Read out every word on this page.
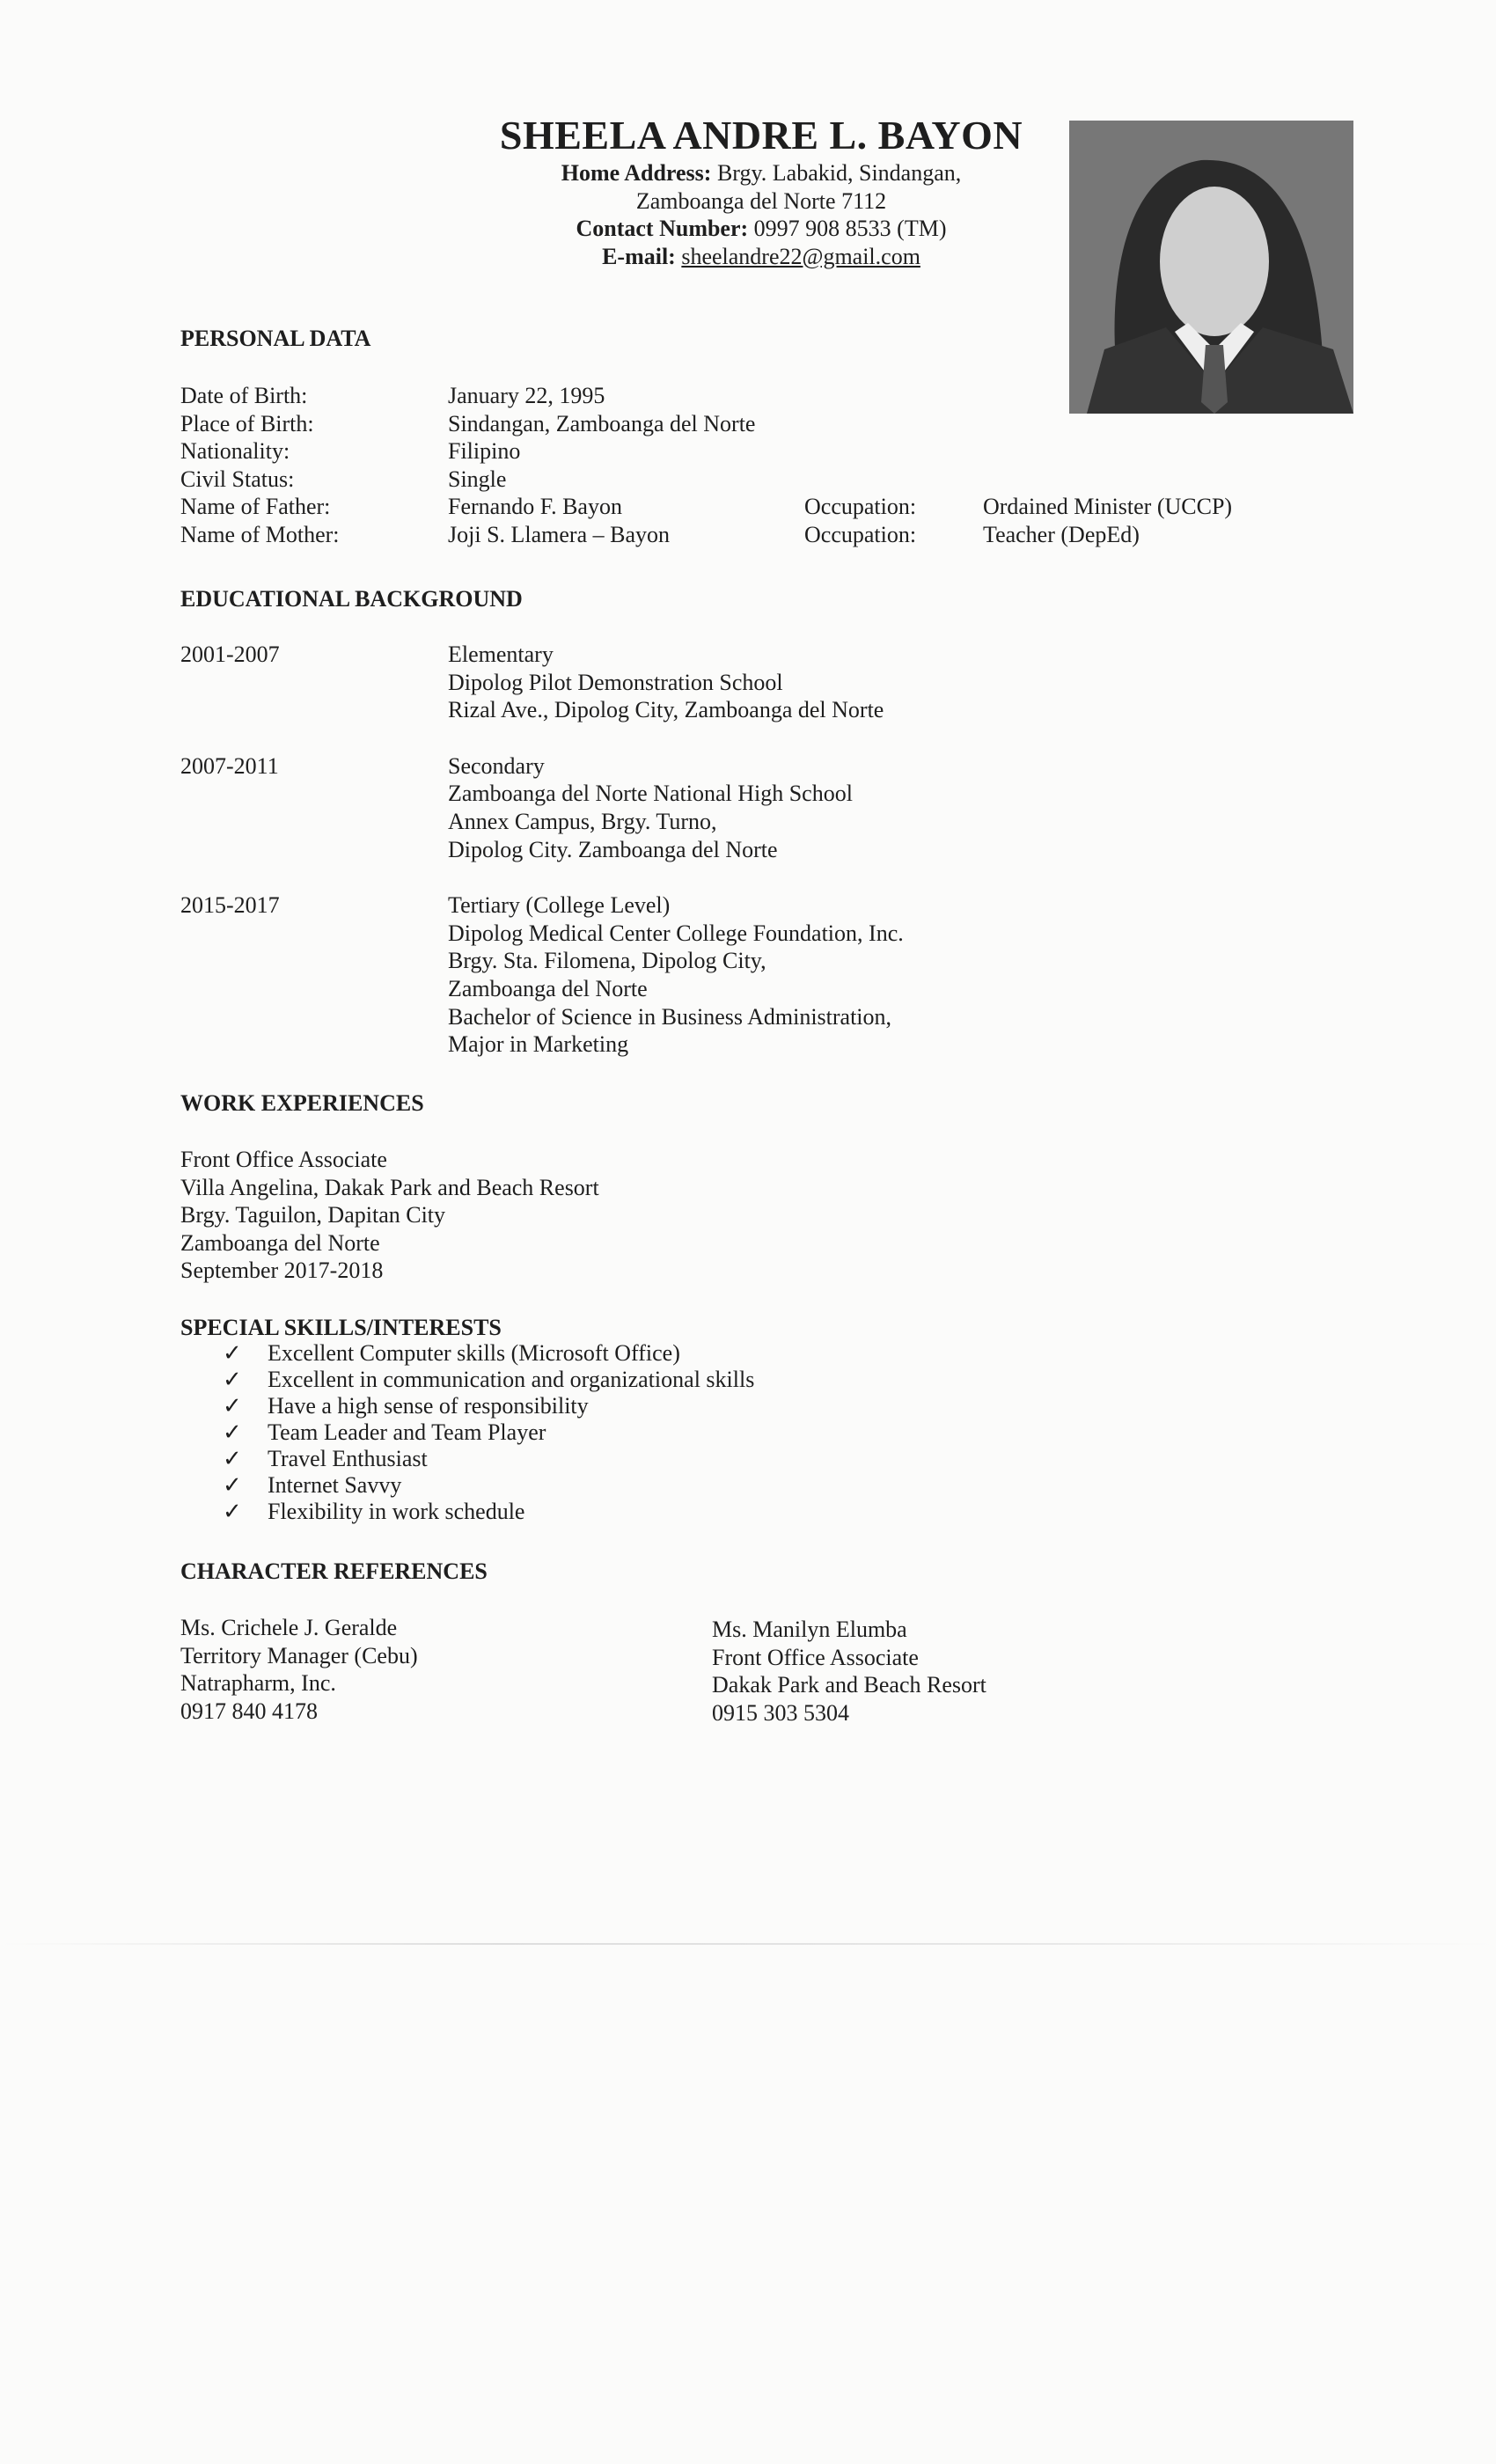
SHEELA ANDRE L. BAYON
Home Address: Brgy. Labakid, Sindangan,
Zamboanga del Norte 7112
Contact Number: 0997 908 8533 (TM)
E-mail: sheelandre22@gmail.com
PERSONAL DATA
Date of Birth:	January 22, 1995
Place of Birth:	Sindangan, Zamboanga del Norte
Nationality:	Filipino
Civil Status:	Single
Name of Father:	Fernando F. Bayon	Occupation:	Ordained Minister (UCCP)
Name of Mother:	Joji S. Llamera – Bayon	Occupation:	Teacher (DepEd)
EDUCATIONAL BACKGROUND
2001-2007	Elementary
Dipolog Pilot Demonstration School
Rizal Ave., Dipolog City, Zamboanga del Norte
2007-2011	Secondary
Zamboanga del Norte National High School
Annex Campus, Brgy. Turno,
Dipolog City. Zamboanga del Norte
2015-2017	Tertiary (College Level)
Dipolog Medical Center College Foundation, Inc.
Brgy. Sta. Filomena, Dipolog City,
Zamboanga del Norte
Bachelor of Science in Business Administration,
Major in Marketing
WORK EXPERIENCES
Front Office Associate
Villa Angelina, Dakak Park and Beach Resort
Brgy. Taguilon, Dapitan City
Zamboanga del Norte
September 2017-2018
SPECIAL SKILLS/INTERESTS
✓ Excellent Computer skills (Microsoft Office)
✓ Excellent in communication and organizational skills
✓ Have a high sense of responsibility
✓ Team Leader and Team Player
✓ Travel Enthusiast
✓ Internet Savvy
✓ Flexibility in work schedule
CHARACTER REFERENCES
Ms. Crichele J. Geralde
Territory Manager (Cebu)
Natrapharm, Inc.
0917 840 4178
Ms. Manilyn Elumba
Front Office Associate
Dakak Park and Beach Resort
0915 303 5304
